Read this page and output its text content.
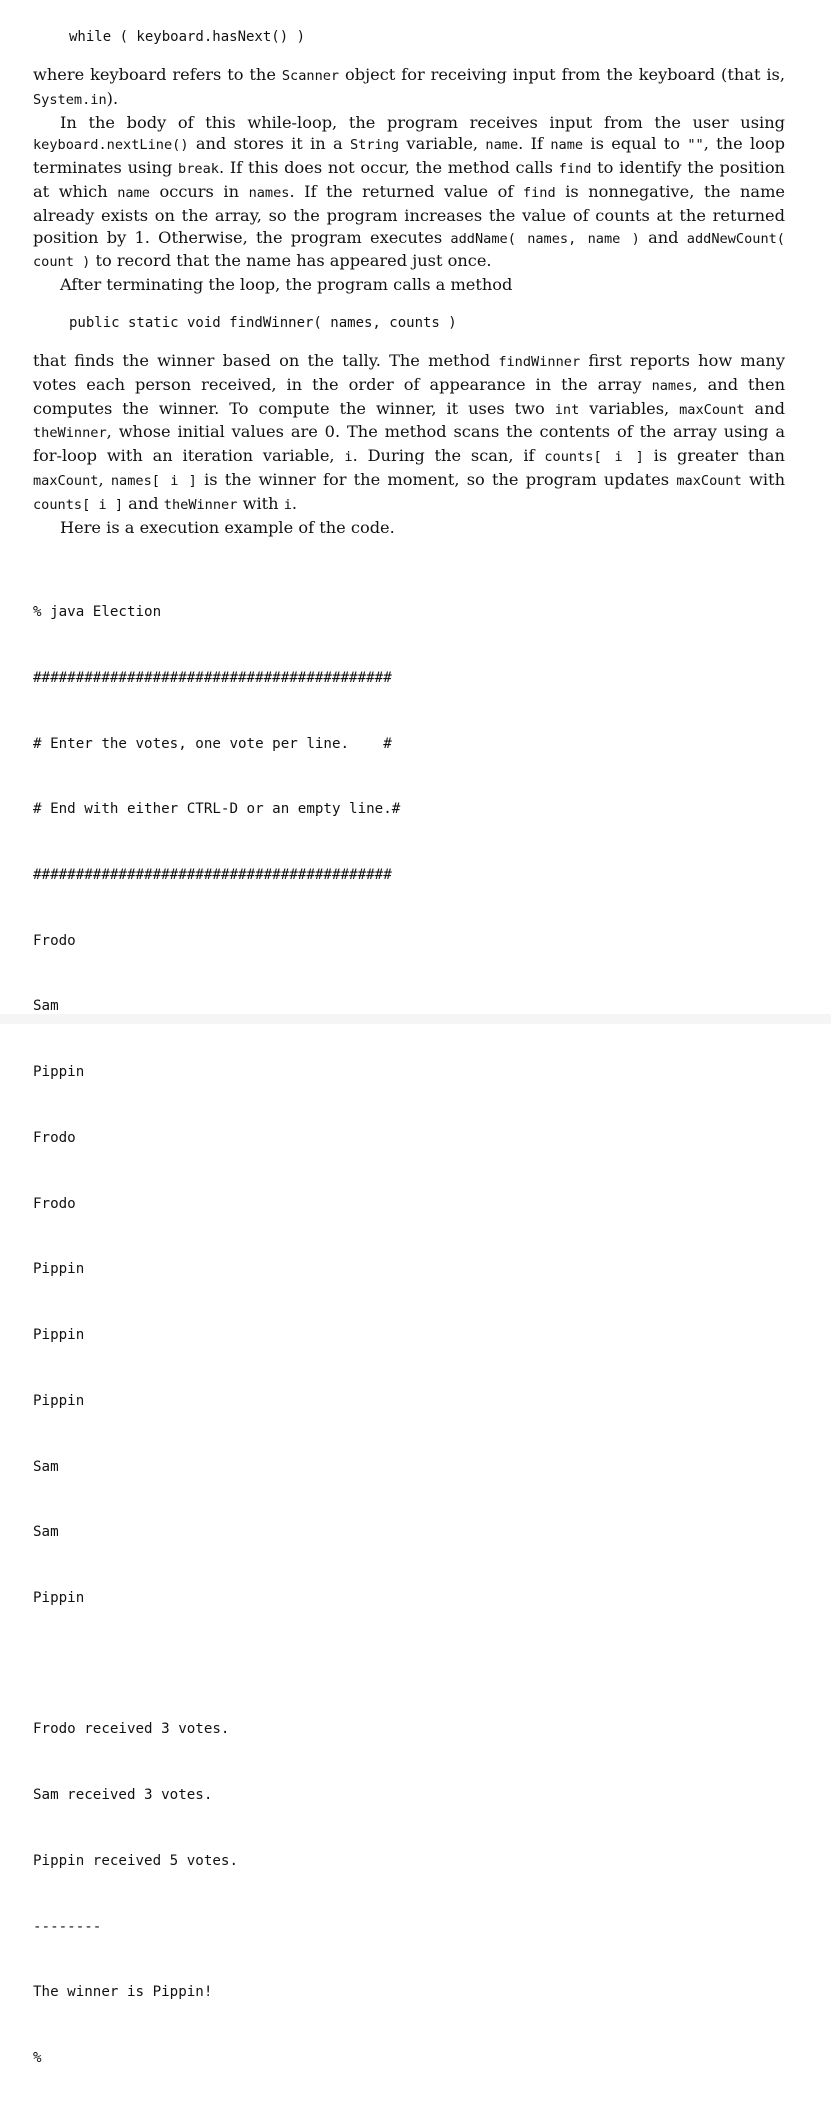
while ( keyboard.hasNext() )

where keyboard refers to the Scanner object for receiving input from the keyboard (that is, System.in).

In the body of this while-loop, the program receives input from the user using keyboard.nextLine() and stores it in a String variable, name. If name is equal to "", the loop terminates using break. If this does not occur, the method calls find to identify the position at which name occurs in names. If the returned value of find is nonnegative, the name already exists on the array, so the program increases the value of counts at the returned position by 1. Otherwise, the program executes addName( names, name ) and addNewCount( count ) to record that the name has appeared just once.

After terminating the loop, the program calls a method

public static void findWinner( names, counts )

that finds the winner based on the tally. The method findWinner first reports how many votes each person received, in the order of appearance in the array names, and then computes the winner. To compute the winner, it uses two int variables, maxCount and theWinner, whose initial values are 0. The method scans the contents of the array using a for-loop with an iteration variable, i. During the scan, if counts[ i ] is greater than maxCount, names[ i ] is the winner for the moment, so the program updates maxCount with counts[ i ] and theWinner with i.

Here is a execution example of the code.

% java Election

##########################################

# Enter the votes, one vote per line.    #

# End with either CTRL-D or an empty line.#

##########################################

Frodo

Sam

Pippin

Frodo

Frodo

Pippin

Pippin

Pippin

Sam

Sam

Pippin

Frodo received 3 votes.

Sam received 3 votes.

Pippin received 5 votes.

--------

The winner is Pippin!

%
